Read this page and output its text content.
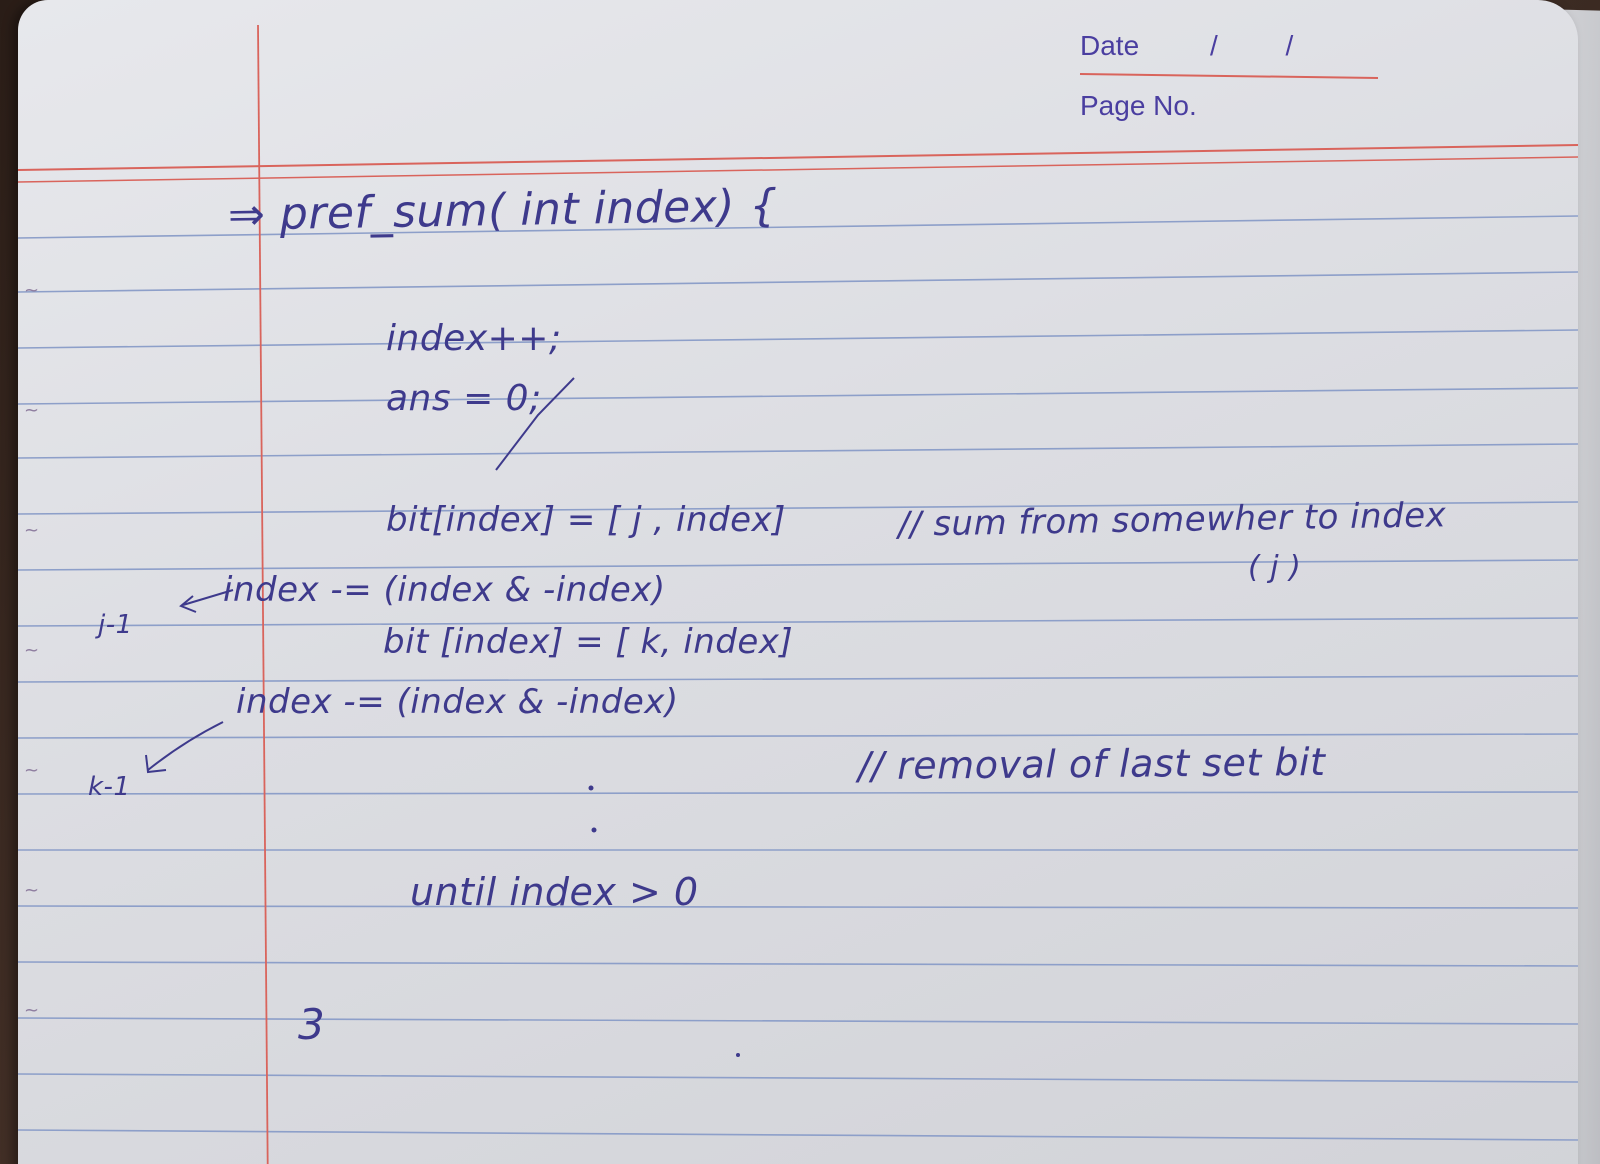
Date	/ /
Page No.
⇒ pref_sum( int index) {
index++;
ans = 0;
bit[index] = [ j , index]	// sum from somewher to index
( j )
j-1
index -= (index & -index)
bit [index] = [ k, index]
index -= (index & -index)
k-1	// removal of last set bit
until index > 0
3
~
~
~
~
~
~
~
